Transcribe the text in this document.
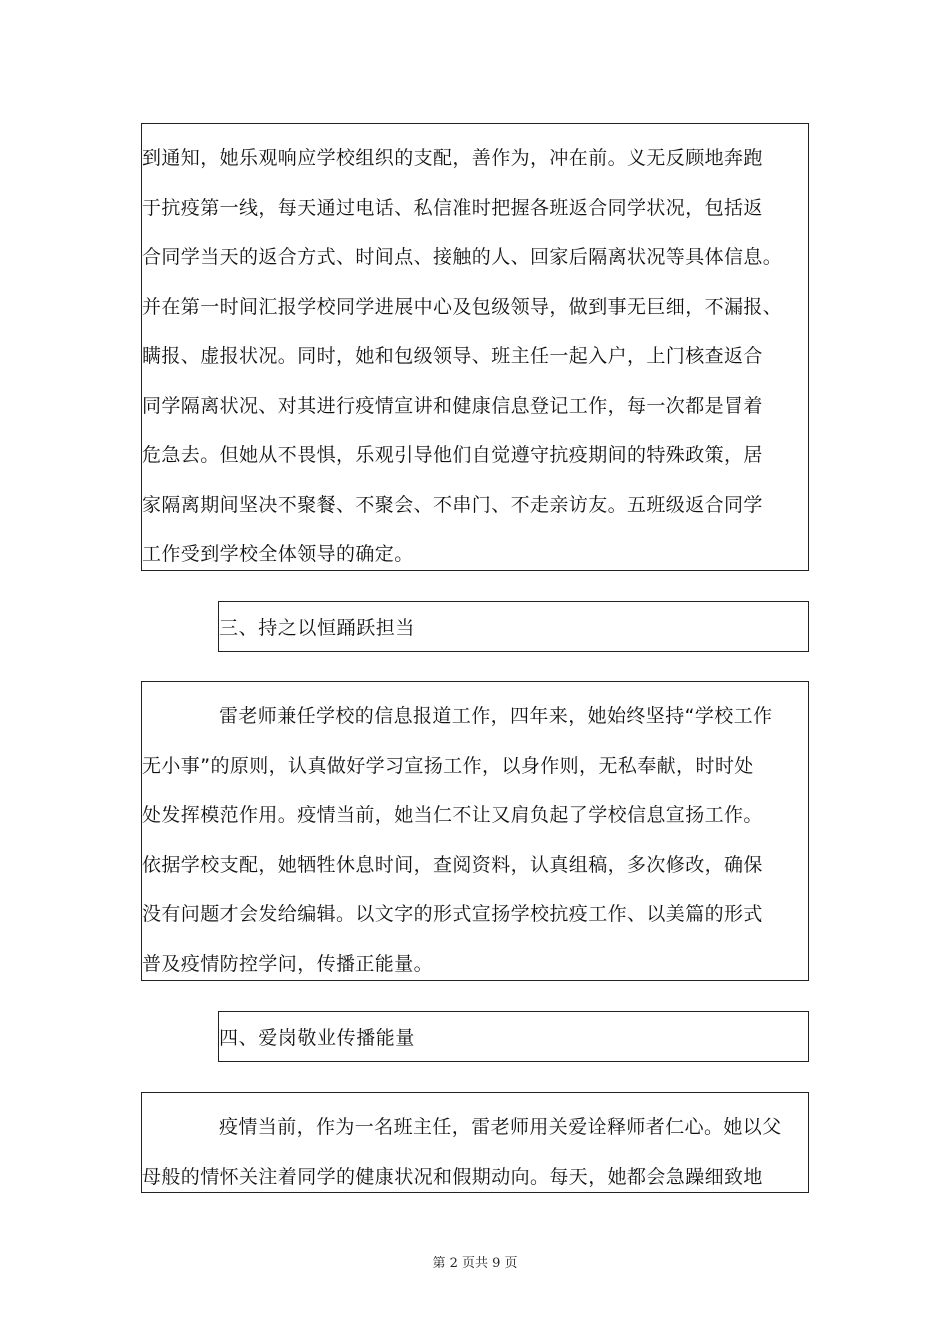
到通知，她乐观响应学校组织的支配，善作为，冲在前。义无反顾地奔跑
于抗疫第一线，每天通过电话、私信准时把握各班返合同学状况，包括返
合同学当天的返合方式、时间点、接触的人、回家后隔离状况等具体信息。
并在第一时间汇报学校同学进展中心及包级领导，做到事无巨细，不漏报、
瞒报、虚报状况。同时，她和包级领导、班主任一起入户，上门核查返合
同学隔离状况、对其进行疫情宣讲和健康信息登记工作，每一次都是冒着
危急去。但她从不畏惧，乐观引导他们自觉遵守抗疫期间的特殊政策，居
家隔离期间坚决不聚餐、不聚会、不串门、不走亲访友。五班级返合同学
工作受到学校全体领导的确定。
三、持之以恒踊跃担当
雷老师兼任学校的信息报道工作，四年来，她始终坚持“学校工作
无小事”的原则，认真做好学习宣扬工作，以身作则，无私奉献，时时处
处发挥模范作用。疫情当前，她当仁不让又肩负起了学校信息宣扬工作。
依据学校支配，她牺牲休息时间，查阅资料，认真组稿，多次修改，确保
没有问题才会发给编辑。以文字的形式宣扬学校抗疫工作、以美篇的形式
普及疫情防控学问，传播正能量。
四、爱岗敬业传播能量
疫情当前，作为一名班主任，雷老师用关爱诠释师者仁心。她以父
母般的情怀关注着同学的健康状况和假期动向。每天，她都会急躁细致地
第 2 页共 9 页
